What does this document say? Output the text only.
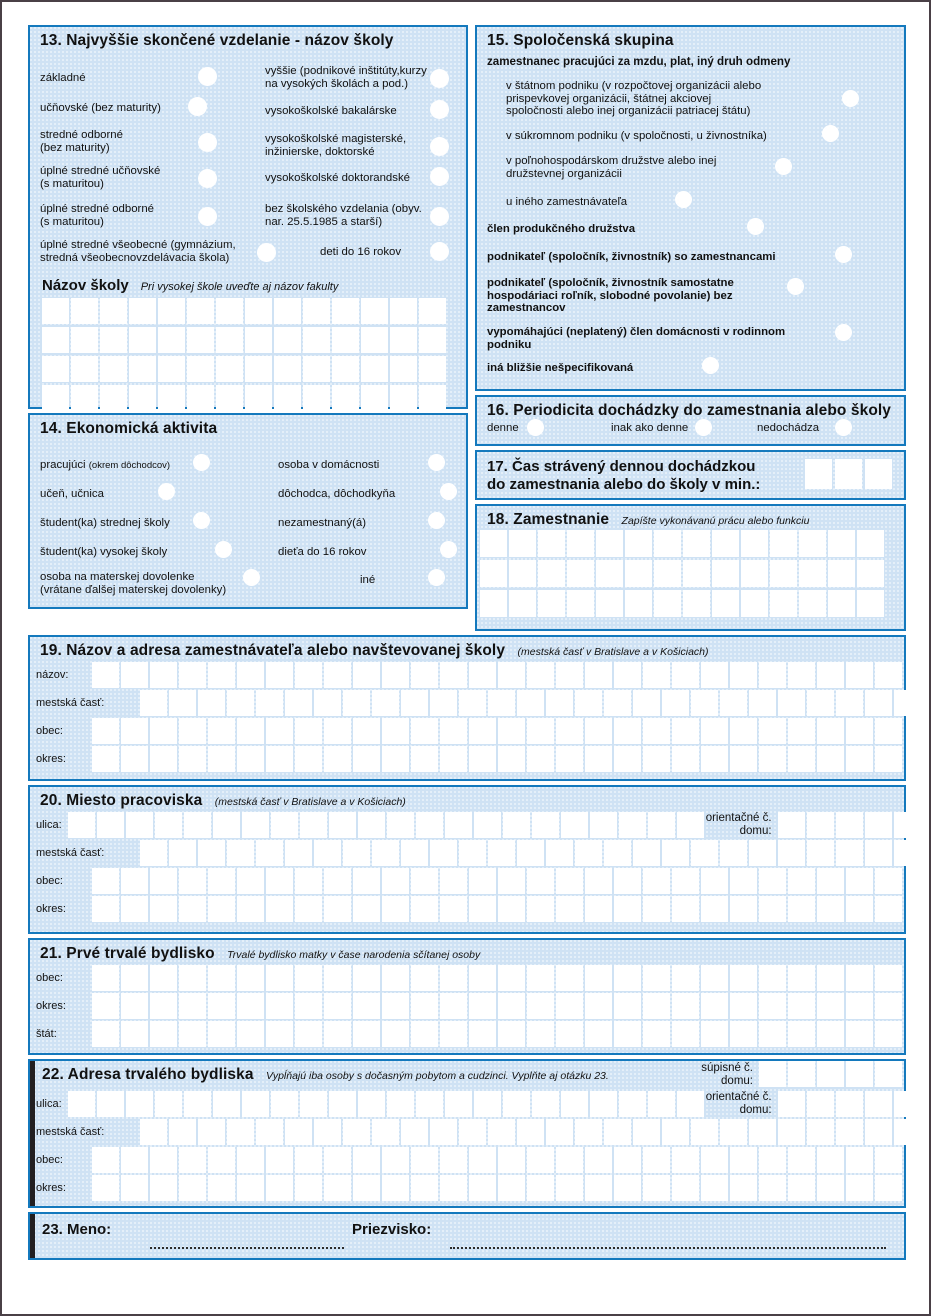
13. Najvyššie skončené vzdelanie - názov školy
základné
učňovské (bez maturity)
stredné odborné
(bez maturity)
úplné stredné učňovské
(s maturitou)
úplné stredné odborné
(s maturitou)
úplné stredné všeobecné (gymnázium,
stredná všeobecnovzdelávacia škola)
vyššie (podnikové inštitúty,kurzy
na vysokých školách a pod.)
vysokoškolské bakalárske
vysokoškolské magisterské,
inžinierske, doktorské
vysokoškolské doktorandské
bez školského vzdelania (obyv.
nar. 25.5.1985 a starší)
deti do 16 rokov
Názov školy Pri vysokej škole uveďte aj názov fakulty
14. Ekonomická aktivita
pracujúci (okrem dôchodcov)
učeň, učnica
študent(ka) strednej školy
študent(ka) vysokej školy
osoba na materskej dovolenke
(vrátane ďalšej materskej dovolenky)
osoba v domácnosti
dôchodca, dôchodkyňa
nezamestnaný(á)
dieťa do 16 rokov
iné
15. Spoločenská skupina
zamestnanec pracujúci za mzdu, plat, iný druh odmeny
v štátnom podniku (v rozpočtovej organizácii alebo
prispevkovej organizácii, štátnej akciovej
spoločnosti alebo inej organizácii patriacej štátu)
v súkromnom podniku (v spoločnosti, u živnostníka)
v poľnohospodárskom družstve alebo inej
družstevnej organizácii
u iného zamestnávateľa
člen produkčného družstva
podnikateľ (spoločník, živnostník) so zamestnancami
podnikateľ (spoločník, živnostník samostatne
hospodáriaci roľník, slobodné povolanie) bez
zamestnancov
vypomáhajúci (neplatený) člen domácnosti v rodinnom
podniku
iná bližšie nešpecifikovaná
16. Periodicita dochádzky do zamestnania alebo školy
denne	inak ako denne	nedochádza
17. Čas strávený dennou dochádzkou
do zamestnania alebo do školy v min.:
18. Zamestnanie Zapíšte vykonávanú prácu alebo funkciu
19. Názov a adresa zamestnávateľa alebo navštevovanej školy (mestská časť v Bratislave a v Košiciach)
názov:
mestská časť:
obec:
okres:
20. Miesto pracoviska (mestská časť v Bratislave a v Košiciach)
ulica:
orientačné č.
domu:
mestská časť:
obec:
okres:
21. Prvé trvalé bydlisko Trvalé bydlisko matky v čase narodenia sčítanej osoby
obec:
okres:
štát:
22. Adresa trvalého bydliska Vypĺňajú iba osoby s dočasným pobytom a cudzinci. Vyplňte aj otázku 23.
súpisné č.
domu:
ulica:
orientačné č.
domu:
mestská časť:
obec:
okres:
23. Meno:	Priezvisko:
